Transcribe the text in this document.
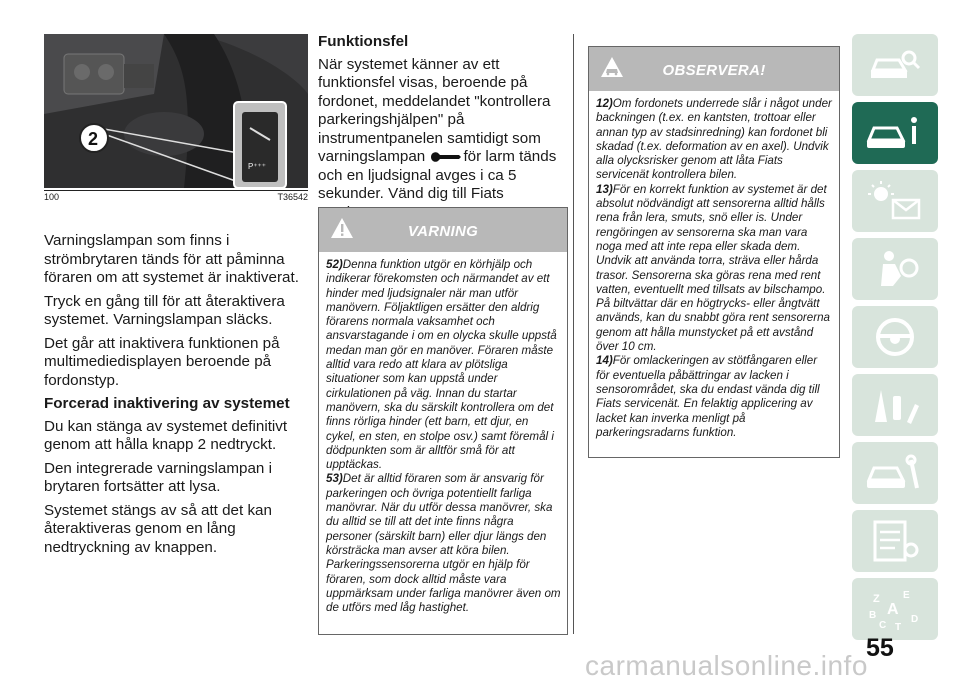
2
P⁺⁺⁺
100	T36542

Varningslampan som finns i strömbrytaren tänds för att påminna föraren om att systemet är inaktiverat.

Tryck en gång till för att återaktivera systemet. Varningslampan släcks.

Det går att inaktivera funktionen på multimediedisplayen beroende på fordonstyp.

Forcerad inaktivering av systemet

Du kan stänga av systemet definitivt genom att hålla knapp 2 nedtryckt.

Den integrerade varningslampan i brytaren fortsätter att lysa.

Systemet stängs av så att det kan återaktiveras genom en lång nedtryckning av knappen.

Funktionsfel

När systemet känner av ett funktionsfel visas, beroende på fordonet, meddelandet "kontrollera parkeringshjälpen" på instrumentpanelen samtidigt som varningslampan	för larm tänds och en ljudsignal avges i ca 5 sekunder. Vänd dig till Fiats

VARNING

52)Denna funktion utgör en körhjälp och indikerar förekomsten och närmandet av ett hinder med ljudsignaler när man utför manövern. Följaktligen ersätter den aldrig förarens normala vaksamhet och ansvarstagande i om en olycka skulle uppstå medan man gör en manöver. Föraren måste alltid vara redo att klara av plötsliga situationer som kan uppstå under cirkulationen på väg. Innan du startar manövern, ska du särskilt kontrollera om det finns rörliga hinder (ett barn, ett djur, en cykel, en sten, en stolpe osv.) samt föremål i dödpunkten som är alltför små för att upptäckas.

53)Det är alltid föraren som är ansvarig för parkeringen och övriga potentiellt farliga manövrar. När du utför dessa manövrer, ska du alltid se till att det inte finns några personer (särskilt barn) eller djur längs den körsträcka man avser att köra bilen. Parkeringssensorerna utgör en hjälp för föraren, som dock alltid måste vara uppmärksam under farliga manövrer även om de utförs med låg hastighet.

OBSERVERA!

12)Om fordonets underrede slår i något under backningen (t.ex. en kantsten, trottoar eller annan typ av stadsinredning) kan fordonet bli skadad (t.ex. deformation av en axel). Undvik alla olycksrisker genom att låta Fiats servicenät kontrollera bilen.

13)För en korrekt funktion av systemet är det absolut nödvändigt att sensorerna alltid hålls rena från lera, smuts, snö eller is. Under rengöringen av sensorerna ska man vara noga med att inte repa eller skada dem. Undvik att använda torra, sträva eller hårda trasor. Sensorerna ska göras rena med rent vatten, eventuellt med tillsats av bilschampo. På biltvättar där en högtrycks- eller ångtvätt används, kan du snabbt göra rent sensorerna genom att hålla munstycket på ett avstånd över 10 cm.

14)För omlackeringen av stötfångaren eller för eventuella påbättringar av lacken i sensorområdet, ska du endast vända dig till Fiats servicenät. En felaktig applicering av lacket kan inverka menligt på parkeringsradarns funktion.

Z E
A
B
C T
D
55
carmanualsonline.info
